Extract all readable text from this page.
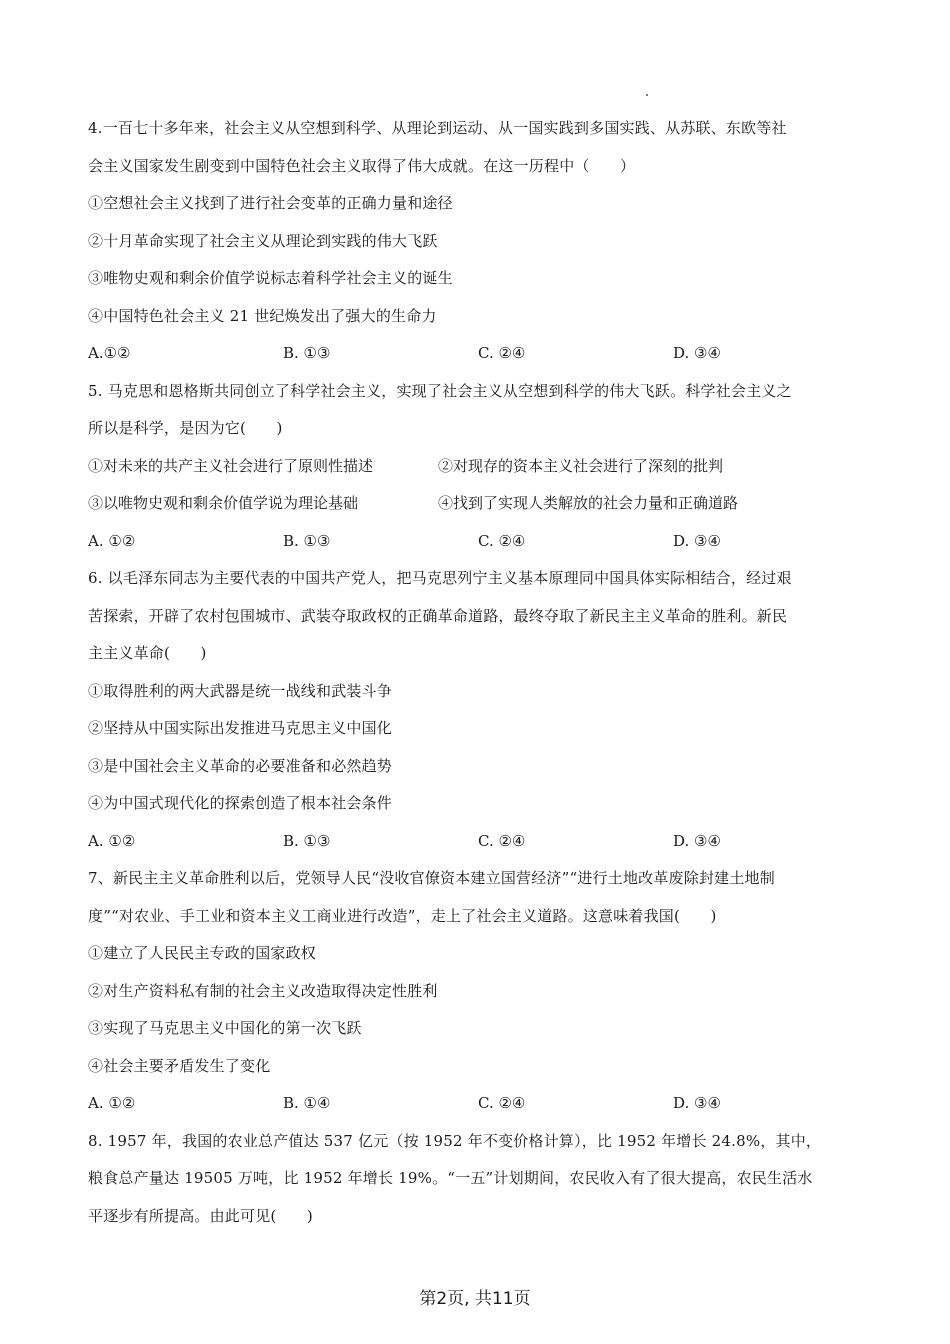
4.一百七十多年来，社会主义从空想到科学、从理论到运动、从一国实践到多国实践、从苏联、东欧等社
会主义国家发生剧变到中国特色社会主义取得了伟大成就。在这一历程中（　　）
①空想社会主义找到了进行社会变革的正确力量和途径
②十月革命实现了社会主义从理论到实践的伟大飞跃
③唯物史观和剩余价值学说标志着科学社会主义的诞生
④中国特色社会主义 21 世纪焕发出了强大的生命力
A.①②	B. ①③	C. ②④	D. ③④
5. 马克思和恩格斯共同创立了科学社会主义，实现了社会主义从空想到科学的伟大飞跃。科学社会主义之
所以是科学，是因为它(　　)
①对未来的共产主义社会进行了原则性描述	②对现存的资本主义社会进行了深刻的批判
③以唯物史观和剩余价值学说为理论基础	④找到了实现人类解放的社会力量和正确道路
A. ①②	B. ①③	C. ②④	D. ③④
6. 以毛泽东同志为主要代表的中国共产党人，把马克思列宁主义基本原理同中国具体实际相结合，经过艰
苦探索，开辟了农村包围城市、武装夺取政权的正确革命道路，最终夺取了新民主主义革命的胜利。新民
主主义革命(　　)
①取得胜利的两大武器是统一战线和武装斗争
②坚持从中国实际出发推进马克思主义中国化
③是中国社会主义革命的必要准备和必然趋势
④为中国式现代化的探索创造了根本社会条件
A. ①②	B. ①③	C. ②④	D. ③④
7、新民主主义革命胜利以后，党领导人民“没收官僚资本建立国营经济”“进行土地改革废除封建土地制
度”“对农业、手工业和资本主义工商业进行改造”，走上了社会主义道路。这意味着我国(　　)
①建立了人民民主专政的国家政权
②对生产资料私有制的社会主义改造取得决定性胜利
③实现了马克思主义中国化的第一次飞跃
④社会主要矛盾发生了变化
A. ①②	B. ①④	C. ②④	D. ③④
8. 1957 年，我国的农业总产值达 537 亿元（按 1952 年不变价格计算），比 1952 年增长 24.8%，其中，
粮食总产量达 19505 万吨，比 1952 年增长 19%。“一五”计划期间，农民收入有了很大提高，农民生活水
平逐步有所提高。由此可见(　　)
第2页, 共11页
